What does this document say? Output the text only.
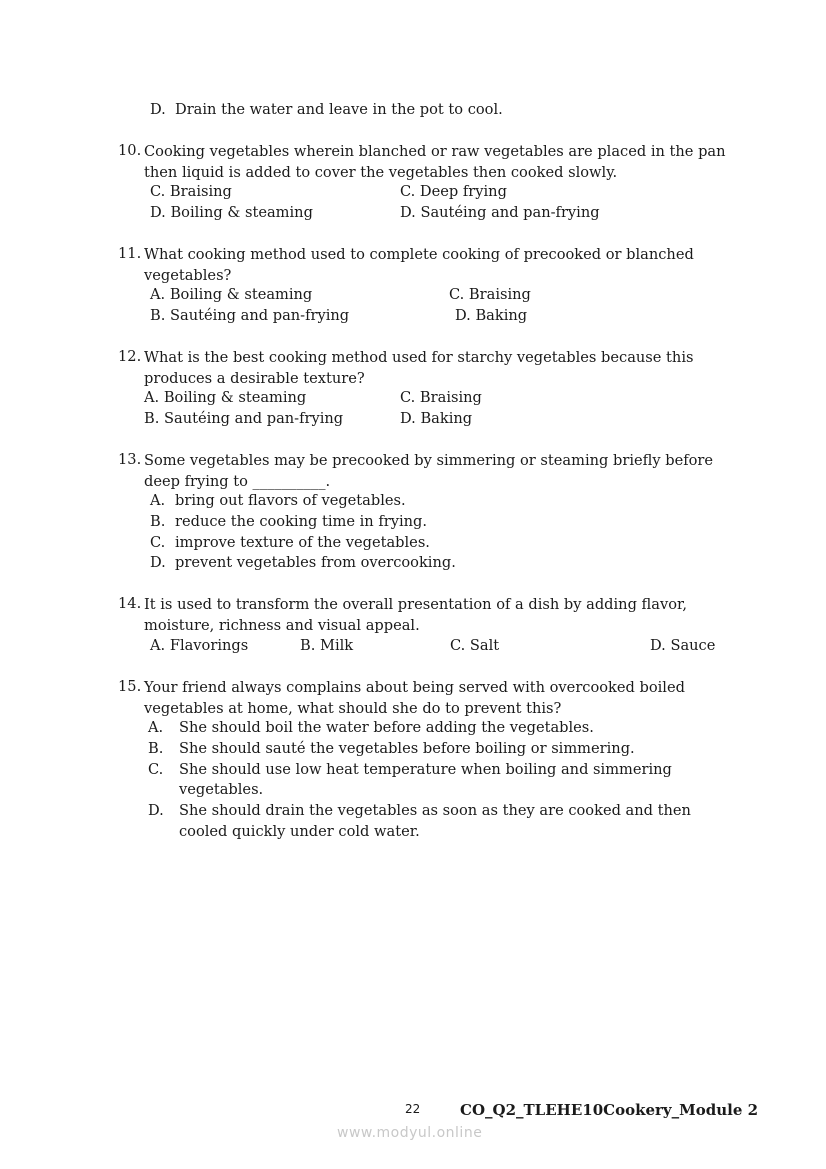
D. Drain the water and leave in the pot to cool.
10. Cooking vegetables wherein blanched or raw vegetables are placed in the pan
then liquid is added to cover the vegetables then cooked slowly.
C. Braising	C. Deep frying
D. Boiling & steaming	D. Sautéing and pan-frying
11. What cooking method used to complete cooking of precooked or blanched
vegetables?
A. Boiling & steaming	C. Braising
B. Sautéing and pan-frying	D. Baking
12. What is the best cooking method used for starchy vegetables because this
produces a desirable texture?
A. Boiling & steaming	C. Braising
B. Sautéing and pan-frying	D. Baking
13. Some vegetables may be precooked by simmering or steaming briefly before
deep frying to __________.
A. bring out flavors of vegetables.
B. reduce the cooking time in frying.
C. improve texture of the vegetables.
D. prevent vegetables from overcooking.
14. It is used to transform the overall presentation of a dish by adding flavor,
moisture, richness and visual appeal.
A. Flavorings	B. Milk	C. Salt	D. Sauce
15. Your friend always complains about being served with overcooked boiled
vegetables at home, what should she do to prevent this?
A. She should boil the water before adding the vegetables.
B. She should sauté the vegetables before boiling or simmering.
C. She should use low heat temperature when boiling and simmering
vegetables.
D. She should drain the vegetables as soon as they are cooked and then
cooled quickly under cold water.
22	CO_Q2_TLEHE10Cookery_Module 2
www.modyul.online
